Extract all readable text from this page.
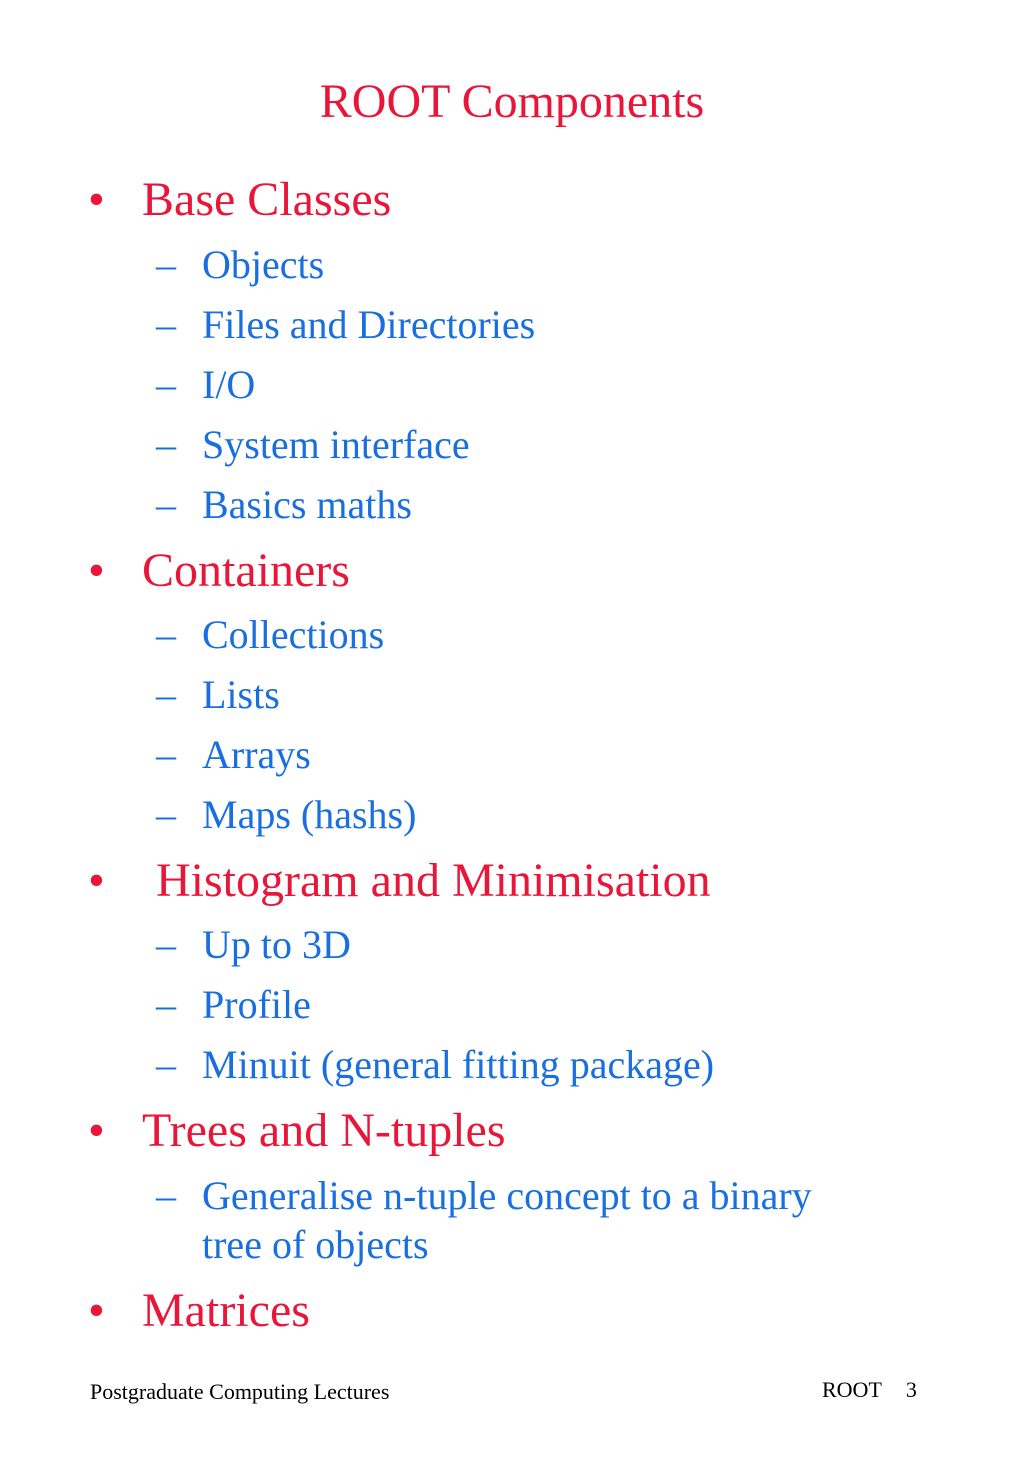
ROOT Components
• Base Classes
– Objects
– Files and Directories
– I/O
– System interface
– Basics maths
• Containers
– Collections
– Lists
– Arrays
– Maps (hashs)
• Histogram and Minimisation
– Up to 3D
– Profile
– Minuit (general fitting package)
• Trees and N-tuples
– Generalise n-tuple concept to a binary
tree of objects
• Matrices
Postgraduate Computing Lectures	ROOT 3
